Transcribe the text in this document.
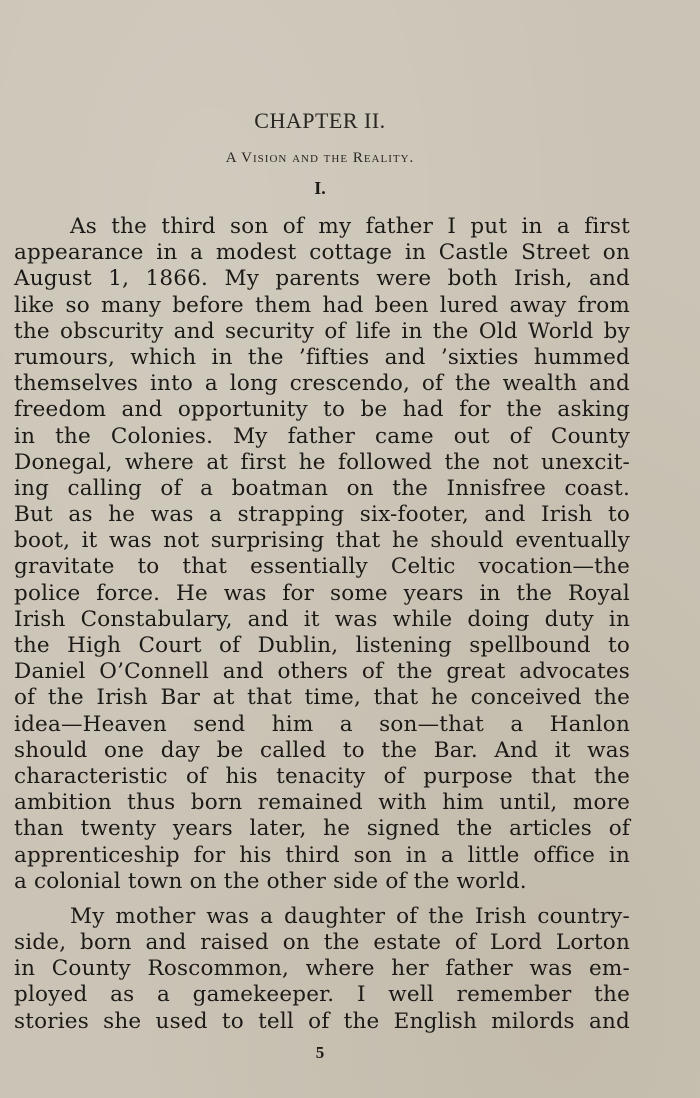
CHAPTER II.
A Vision and the Reality.
I.
As the third son of my father I put in a first
appearance in a modest cottage in Castle Street on
August 1, 1866. My parents were both Irish, and
like so many before them had been lured away from
the obscurity and security of life in the Old World by
rumours, which in the ’fifties and ’sixties hummed
themselves into a long crescendo, of the wealth and
freedom and opportunity to be had for the asking
in the Colonies. My father came out of County
Donegal, where at first he followed the not unexcit-
ing calling of a boatman on the Innisfree coast.
But as he was a strapping six-footer, and Irish to
boot, it was not surprising that he should eventually
gravitate to that essentially Celtic vocation—the
police force. He was for some years in the Royal
Irish Constabulary, and it was while doing duty in
the High Court of Dublin, listening spellbound to
Daniel O’Connell and others of the great advocates
of the Irish Bar at that time, that he conceived the
idea—Heaven send him a son—that a Hanlon
should one day be called to the Bar. And it was
characteristic of his tenacity of purpose that the
ambition thus born remained with him until, more
than twenty years later, he signed the articles of
apprenticeship for his third son in a little office in
a colonial town on the other side of the world.
My mother was a daughter of the Irish country-
side, born and raised on the estate of Lord Lorton
in County Roscommon, where her father was em-
ployed as a gamekeeper. I well remember the
stories she used to tell of the English milords and
5
